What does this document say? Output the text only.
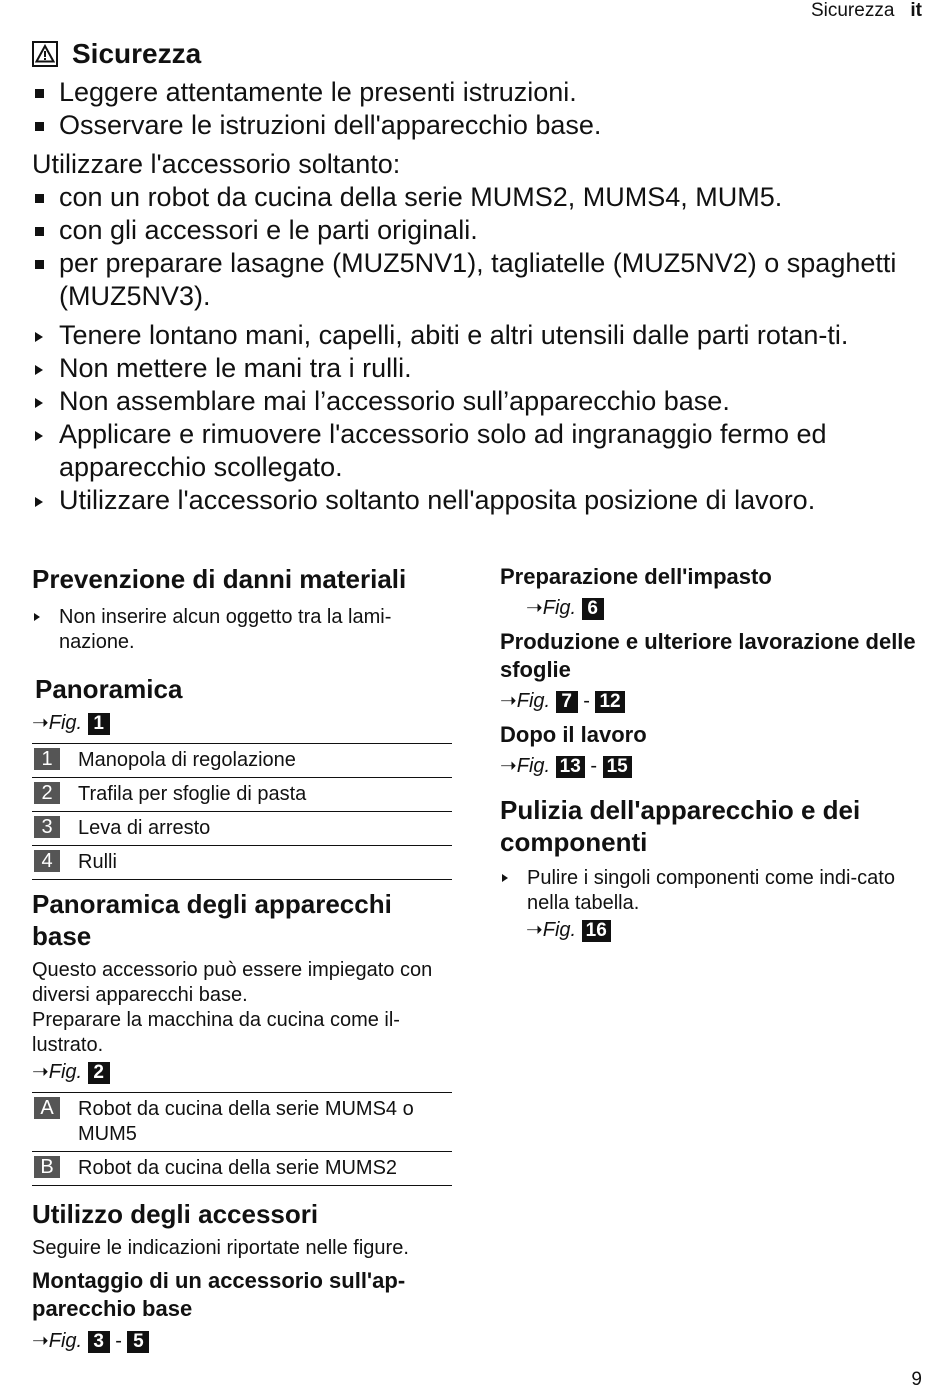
Sicurezza it
Sicurezza
Leggere attentamente le presenti istruzioni.
Osservare le istruzioni dell'apparecchio base.
Utilizzare l'accessorio soltanto:
con un robot da cucina della serie MUMS2, MUMS4, MUM5.
con gli accessori e le parti originali.
per preparare lasagne (MUZ5NV1), tagliatelle (MUZ5NV2) o spaghetti (MUZ5NV3).
Tenere lontano mani, capelli, abiti e altri utensili dalle parti rotan-ti.
Non mettere le mani tra i rulli.
Non assemblare mai l’accessorio sull’apparecchio base.
Applicare e rimuovere l'accessorio solo ad ingranaggio fermo ed apparecchio scollegato.
Utilizzare l'accessorio soltanto nell'apposita posizione di lavoro.
Prevenzione di danni materiali
Non inserire alcun oggetto tra la lami-nazione.
Panoramica
➝Fig. 1
1	Manopola di regolazione
2	Trafila per sfoglie di pasta
3	Leva di arresto
4	Rulli
Panoramica degli apparecchi base
Questo accessorio può essere impiegato con diversi apparecchi base.
Preparare la macchina da cucina come il-lustrato.
➝Fig. 2
A	Robot da cucina della serie MUMS4 o MUM5
B	Robot da cucina della serie MUMS2
Utilizzo degli accessori
Seguire le indicazioni riportate nelle figure.
Montaggio di un accessorio sull'ap-parecchio base
➝Fig. 3 - 5
Preparazione dell'impasto
➝Fig. 6
Produzione e ulteriore lavorazione delle sfoglie
➝Fig. 7 - 12
Dopo il lavoro
➝Fig. 13 - 15
Pulizia dell'apparecchio e dei componenti
Pulire i singoli componenti come indi-cato nella tabella.
➝Fig. 16
9
